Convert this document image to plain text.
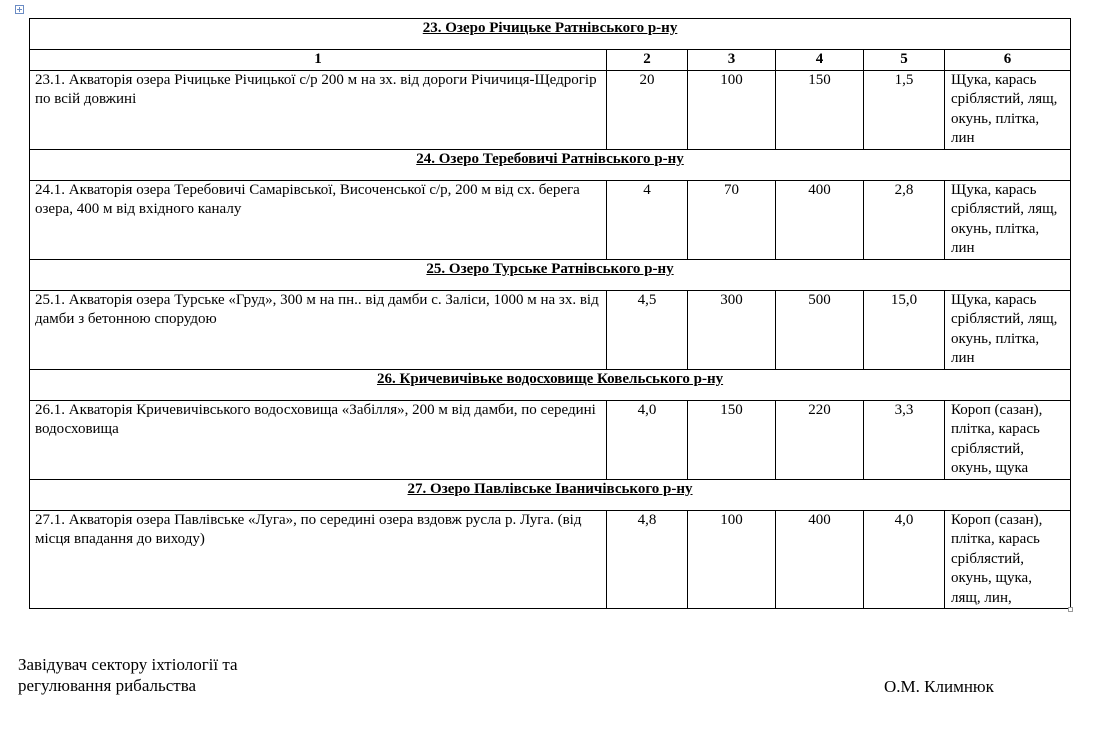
23. Озеро Річицьке Ратнівського р-ну					
1	2	3	4	5	6
23.1. Акваторія озера Річицьке Річицької с/р 200 м на зх. від дороги Річичиця-Щедрогір по всій довжині	20	100	150	1,5	Щука, карась сріблястий, лящ, окунь, плітка, лин
24. Озеро Теребовичі Ратнівського р-ну					
24.1. Акваторія озера Теребовичі Самарівської, Височенської с/р, 200 м від сх. берега озера, 400 м від вхідного каналу	4	70	400	2,8	Щука, карась сріблястий, лящ, окунь, плітка, лин
25. Озеро Турське Ратнівського р-ну					
25.1. Акваторія озера Турське «Груд», 300 м на пн.. від дамби с. Заліси, 1000 м на зх. від дамби з бетонною спорудою	4,5	300	500	15,0	Щука, карась сріблястий, лящ, окунь, плітка, лин
26. Кричевичівьке водосховище Ковельського р-ну					
26.1. Акваторія Кричевичівського водосховища «Забілля», 200 м від дамби, по середині водосховища	4,0	150	220	3,3	Короп (сазан), плітка, карась сріблястий, окунь, щука
27. Озеро Павлівське Іваничівського р-ну					
27.1. Акваторія озера Павлівське «Луга», по середині озера вздовж русла р. Луга. (від місця впадання до виходу)	4,8	100	400	4,0	Короп (сазан), плітка, карась сріблястий, окунь, щука, лящ, лин,
Завідувач сектору іхтіології та
регулювання рибальства	О.М. Климнюк
